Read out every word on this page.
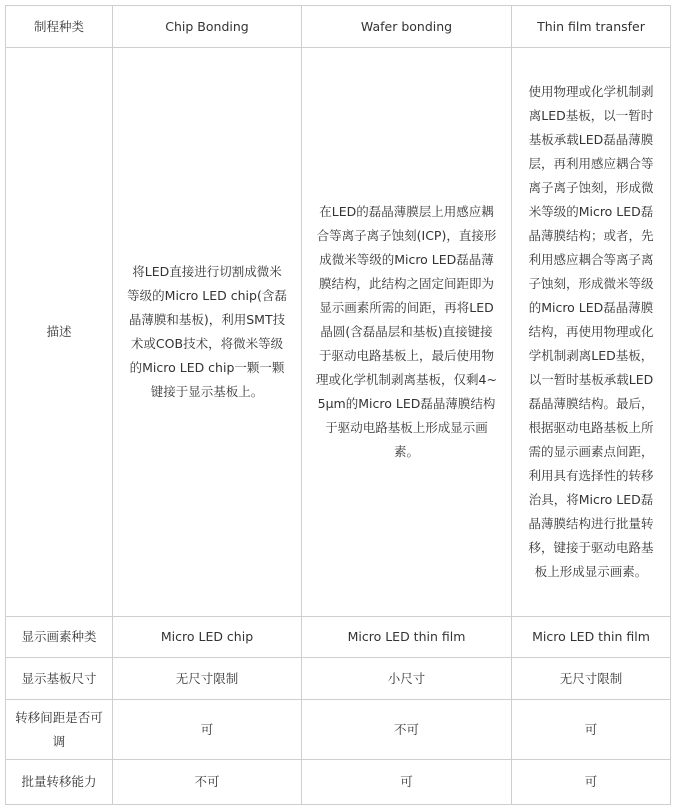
制程种类	Chip Bonding	Wafer bonding	Thin film transfer
描述	将LED直接进行切割成微米等级的Micro LED chip(含磊晶薄膜和基板)，利用SMT技术或COB技术，将微米等级的Micro LED chip一颗一颗键接于显示基板上。	在LED的磊晶薄膜层上用感应耦合等离子离子蚀刻(ICP)，直接形成微米等级的Micro LED磊晶薄膜结构，此结构之固定间距即为显示画素所需的间距，再将LED晶圆(含磊晶层和基板)直接键接于驱动电路基板上，最后使用物理或化学机制剥离基板，仅剩4~5μm的Micro LED磊晶薄膜结构于驱动电路基板上形成显示画素。	使用物理或化学机制剥离LED基板，以一暂时基板承载LED磊晶薄膜层，再利用感应耦合等离子离子蚀刻，形成微米等级的Micro LED磊晶薄膜结构；或者，先利用感应耦合等离子离子蚀刻，形成微米等级的Micro LED磊晶薄膜结构，再使用物理或化学机制剥离LED基板，以一暂时基板承载LED磊晶薄膜结构。最后，根据驱动电路基板上所需的显示画素点间距，利用具有选择性的转移治具，将Micro LED磊晶薄膜结构进行批量转移，键接于驱动电路基板上形成显示画素。
显示画素种类	Micro LED chip	Micro LED thin film	Micro LED thin film
显示基板尺寸	无尺寸限制	小尺寸	无尺寸限制
转移间距是否可调	可	不可	可
批量转移能力	不可	可	可
